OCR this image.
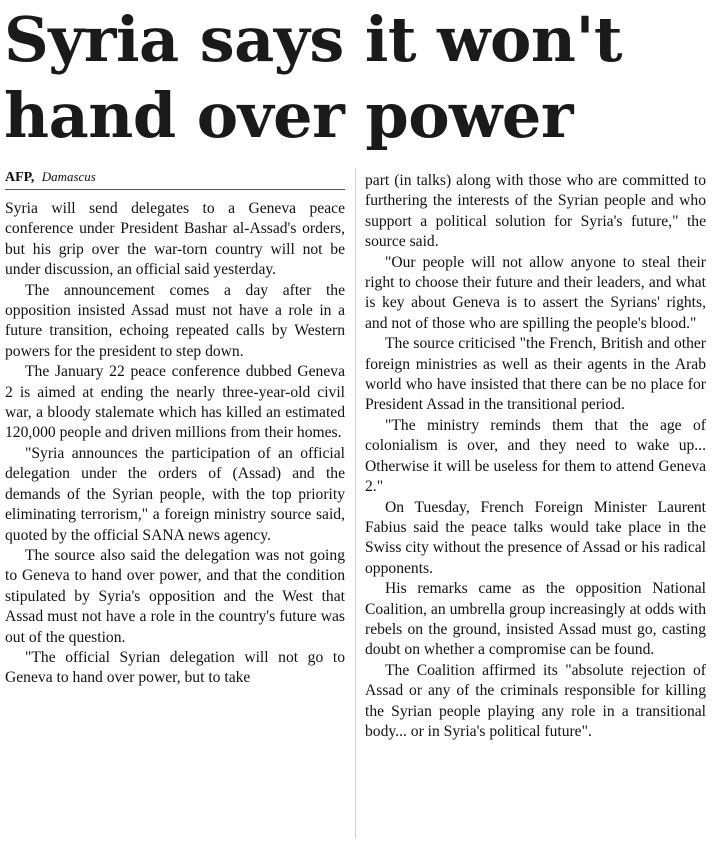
Syria says it won't hand over power
AFP, Damascus

Syria will send delegates to a Geneva peace conference under President Bashar al-Assad's orders, but his grip over the war-torn country will not be under discussion, an official said yesterday.

The announcement comes a day after the opposition insisted Assad must not have a role in a future transition, echoing repeated calls by Western powers for the president to step down.

The January 22 peace conference dubbed Geneva 2 is aimed at ending the nearly three-year-old civil war, a bloody stalemate which has killed an estimated 120,000 people and driven millions from their homes.

"Syria announces the participation of an official delegation under the orders of (Assad) and the demands of the Syrian people, with the top priority eliminating terrorism," a foreign ministry source said, quoted by the official SANA news agency.

The source also said the delegation was not going to Geneva to hand over power, and that the condition stipulated by Syria's opposition and the West that Assad must not have a role in the country's future was out of the question.

"The official Syrian delegation will not go to Geneva to hand over power, but to take

part (in talks) along with those who are committed to furthering the interests of the Syrian people and who support a political solution for Syria's future," the source said.

"Our people will not allow anyone to steal their right to choose their future and their leaders, and what is key about Geneva is to assert the Syrians' rights, and not of those who are spilling the people's blood."

The source criticised "the French, British and other foreign ministries as well as their agents in the Arab world who have insisted that there can be no place for President Assad in the transitional period.

"The ministry reminds them that the age of colonialism is over, and they need to wake up... Otherwise it will be useless for them to attend Geneva 2."

On Tuesday, French Foreign Minister Laurent Fabius said the peace talks would take place in the Swiss city without the presence of Assad or his radical opponents.

His remarks came as the opposition National Coalition, an umbrella group increasingly at odds with rebels on the ground, insisted Assad must go, casting doubt on whether a compromise can be found.

The Coalition affirmed its "absolute rejection of Assad or any of the criminals responsible for killing the Syrian people playing any role in a transitional body... or in Syria's political future".
